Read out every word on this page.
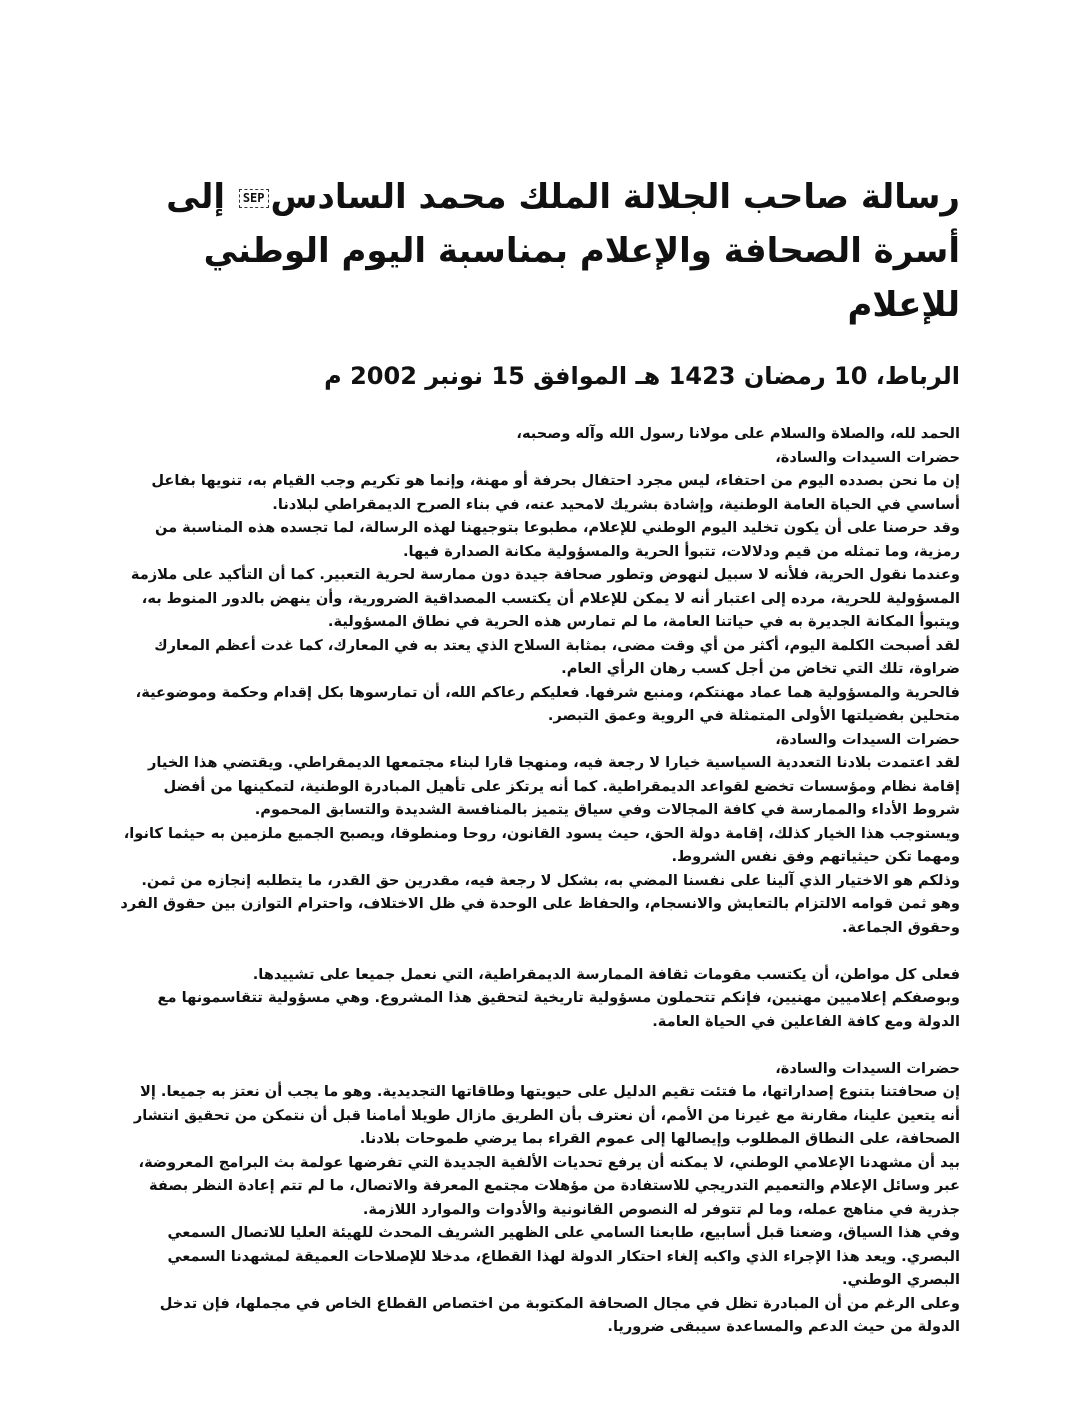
رسالة صاحب الجلالة الملك محمد السادسSEP إلى أسرة الصحافة والإعلام بمناسبة اليوم الوطني للإعلام
الرباط، 10 رمضان 1423 هـ الموافق 15 نونبر 2002 م

الحمد لله، والصلاة والسلام على مولانا رسول الله وآله وصحبه،

حضرات السيدات والسادة،

إن ما نحن بصدده اليوم من احتفاء، ليس مجرد احتفال بحرفة أو مهنة، وإنما هو تكريم وجب القيام به، تنويها بفاعل أساسي في الحياة العامة الوطنية، وإشادة بشريك لامحيد عنه، في بناء الصرح الديمقراطي لبلادنا.

وقد حرصنا على أن يكون تخليد اليوم الوطني للإعلام، مطبوعا بتوجيهنا لهذه الرسالة، لما تجسده هذه المناسبة من رمزية، وما تمثله من قيم ودلالات، تتبوأ الحرية والمسؤولية مكانة الصدارة فيها.

وعندما نقول الحرية، فلأنه لا سبيل لنهوض وتطور صحافة جيدة دون ممارسة لحرية التعبير. كما أن التأكيد على ملازمة المسؤولية للحرية، مرده إلى اعتبار أنه لا يمكن للإعلام أن يكتسب المصداقية الضرورية، وأن ينهض بالدور المنوط به، ويتبوأ المكانة الجديرة به في حياتنا العامة، ما لم تمارس هذه الحرية في نطاق المسؤولية.

لقد أصبحت الكلمة اليوم، أكثر من أي وقت مضى، بمثابة السلاح الذي يعتد به في المعارك، كما غدت أعظم المعارك ضراوة، تلك التي تخاض من أجل كسب رهان الرأي العام.

فالحرية والمسؤولية هما عماد مهنتكم، ومنبع شرفها. فعليكم رعاكم الله، أن تمارسوها بكل إقدام وحكمة وموضوعية، متحلين بفضيلتها الأولى المتمثلة في الروية وعمق التبصر.

حضرات السيدات والسادة،

لقد اعتمدت بلادنا التعددية السياسية خيارا لا رجعة فيه، ومنهجا قارا لبناء مجتمعها الديمقراطي. ويقتضي هذا الخيار إقامة نظام ومؤسسات تخضع لقواعد الديمقراطية. كما أنه يرتكز على تأهيل المبادرة الوطنية، لتمكينها من أفضل شروط الأداء والممارسة في كافة المجالات وفي سياق يتميز بالمنافسة الشديدة والتسابق المحموم.

ويستوجب هذا الخيار كذلك، إقامة دولة الحق، حيث يسود القانون، روحا ومنطوقا، ويصبح الجميع ملزمين به حيثما كانوا، ومهما تكن حيثياتهم وفق نفس الشروط.

وذلكم هو الاختيار الذي آلينا على نفسنا المضي به، بشكل لا رجعة فيه، مقدرين حق القدر، ما يتطلبه إنجازه من ثمن. وهو ثمن قوامه الالتزام بالتعايش والانسجام، والحفاظ على الوحدة في ظل الاختلاف، واحترام التوازن بين حقوق الفرد وحقوق الجماعة.

فعلى كل مواطن، أن يكتسب مقومات ثقافة الممارسة الديمقراطية، التي نعمل جميعا على تشييدها.

وبوصفكم إعلاميين مهنيين، فإنكم تتحملون مسؤولية تاريخية لتحقيق هذا المشروع. وهي مسؤولية تتقاسمونها مع الدولة ومع كافة الفاعلين في الحياة العامة.

حضرات السيدات والسادة،

إن صحافتنا بتنوع إصداراتها، ما فتئت تقيم الدليل على حيويتها وطاقاتها التجديدية. وهو ما يجب أن نعتز به جميعا. إلا أنه يتعين علينا، مقارنة مع غيرنا من الأمم، أن نعترف بأن الطريق مازال طويلا أمامنا قبل أن نتمكن من تحقيق انتشار الصحافة، على النطاق المطلوب وإيصالها إلى عموم القراء بما يرضي طموحات بلادنا.

بيد أن مشهدنا الإعلامي الوطني، لا يمكنه أن يرفع تحديات الألفية الجديدة التي تفرضها عولمة بث البرامج المعروضة، عبر وسائل الإعلام والتعميم التدريجي للاستفادة من مؤهلات مجتمع المعرفة والاتصال، ما لم تتم إعادة النظر بصفة جذرية في مناهج عمله، وما لم تتوفر له النصوص القانونية والأدوات والموارد اللازمة.

وفي هذا السياق، وضعنا قبل أسابيع، طابعنا السامي على الظهير الشريف المحدث للهيئة العليا للاتصال السمعي البصري. ويعد هذا الإجراء الذي واكبه إلغاء احتكار الدولة لهذا القطاع، مدخلا للإصلاحات العميقة لمشهدنا السمعي البصري الوطني.

وعلى الرغم من أن المبادرة تظل في مجال الصحافة المكتوبة من اختصاص القطاع الخاص في مجملها، فإن تدخل الدولة من حيث الدعم والمساعدة سيبقى ضروريا.
